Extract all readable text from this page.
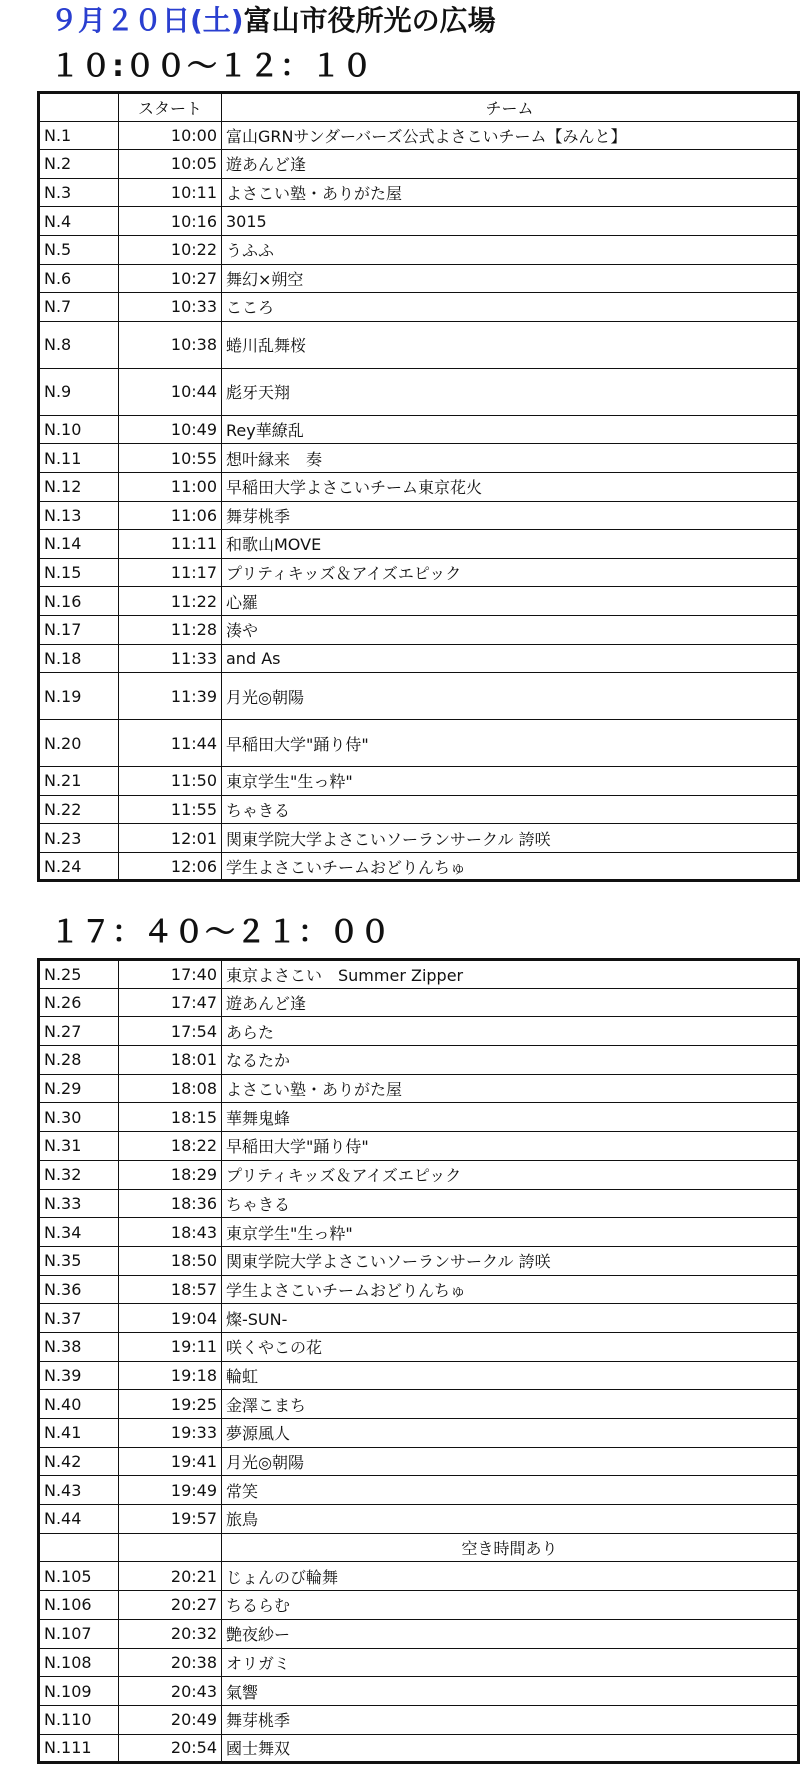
９月２０日(土)富山市役所光の広場
１０:００〜１２：１０
	スタート	チーム
N.1	10:00	富山GRNサンダーバーズ公式よさこいチーム【みんと】
N.2	10:05	遊あんど逢
N.3	10:11	よさこい塾・ありがた屋
N.4	10:16	3015
N.5	10:22	うふふ
N.6	10:27	舞幻×朔空
N.7	10:33	こころ
N.8	10:38	蜷川乱舞桜
N.9	10:44	彪牙天翔
N.10	10:49	Rey華繚乱
N.11	10:55	想叶縁来　奏
N.12	11:00	早稲田大学よさこいチーム東京花火
N.13	11:06	舞芽桃季
N.14	11:11	和歌山MOVE
N.15	11:17	プリティキッズ＆アイズエピック
N.16	11:22	心羅
N.17	11:28	湊や
N.18	11:33	and As
N.19	11:39	月光◎朝陽
N.20	11:44	早稲田大学"踊り侍"
N.21	11:50	東京学生"生っ粋"
N.22	11:55	ちゃきる
N.23	12:01	関東学院大学よさこいソーランサークル 誇咲
N.24	12:06	学生よさこいチームおどりんちゅ
１７：４０〜２１：００
N.25	17:40	東京よさこい　Summer Zipper
N.26	17:47	遊あんど逢
N.27	17:54	あらた
N.28	18:01	なるたか
N.29	18:08	よさこい塾・ありがた屋
N.30	18:15	華舞鬼蜂
N.31	18:22	早稲田大学"踊り侍"
N.32	18:29	プリティキッズ＆アイズエピック
N.33	18:36	ちゃきる
N.34	18:43	東京学生"生っ粋"
N.35	18:50	関東学院大学よさこいソーランサークル 誇咲
N.36	18:57	学生よさこいチームおどりんちゅ
N.37	19:04	燦-SUN-
N.38	19:11	咲くやこの花
N.39	19:18	輪虹
N.40	19:25	金澤こまち
N.41	19:33	夢源風人
N.42	19:41	月光◎朝陽
N.43	19:49	常笑
N.44	19:57	旅鳥
		空き時間あり
N.105	20:21	じょんのび輪舞
N.106	20:27	ちるらむ
N.107	20:32	艶夜紗ー
N.108	20:38	オリガミ
N.109	20:43	氣響
N.110	20:49	舞芽桃季
N.111	20:54	國士舞双
